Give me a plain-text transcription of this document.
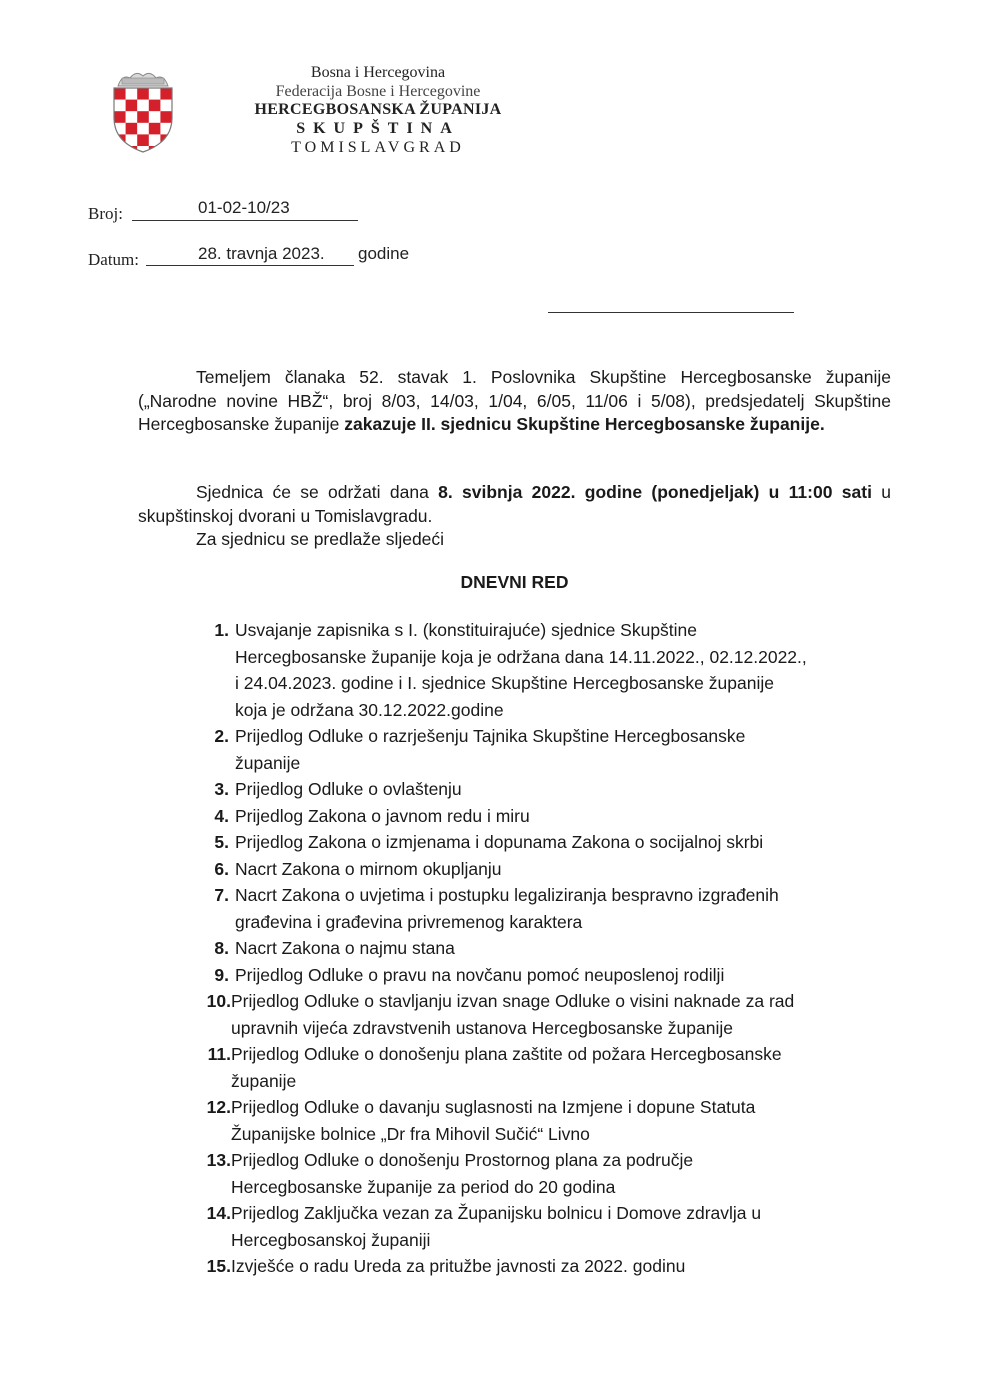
Bosna i Hercegovina
Federacija Bosne i Hercegovine
HERCEGBOSANSKA ŽUPANIJA
SKUPŠTINA
TOMISLAVGRAD
Broj:	01-02-10/23
Datum:	28. travnja 2023. godine
Temeljem članaka 52. stavak 1. Poslovnika Skupštine Hercegbosanske županije („Narodne novine HBŽ“, broj 8/03, 14/03, 1/04, 6/05, 11/06 i 5/08), predsjedatelj Skupštine Hercegbosanske županije zakazuje II. sjednicu Skupštine Hercegbosanske županije.
Sjednica će se održati dana 8. svibnja 2022. godine (ponedjeljak) u 11:00 sati u skupštinskoj dvorani u Tomislavgradu.
Za sjednicu se predlaže sljedeći
DNEVNI RED
1. Usvajanje zapisnika s I. (konstituirajuće) sjednice Skupštine
Hercegbosanske županije koja je održana dana 14.11.2022., 02.12.2022.,
i 24.04.2023. godine i I. sjednice Skupštine Hercegbosanske županije
koja je održana 30.12.2022.godine
2. Prijedlog Odluke o razrješenju Tajnika Skupštine Hercegbosanske
županije
3. Prijedlog Odluke o ovlaštenju
4. Prijedlog Zakona o javnom redu i miru
5. Prijedlog Zakona o izmjenama i dopunama Zakona o socijalnoj skrbi
6. Nacrt Zakona o mirnom okupljanju
7. Nacrt Zakona o uvjetima i postupku legaliziranja bespravno izgrađenih
građevina i građevina privremenog karaktera
8. Nacrt Zakona o najmu stana
9. Prijedlog Odluke o pravu na novčanu pomoć neuposlenoj rodilji
10. Prijedlog Odluke o stavljanju izvan snage Odluke o visini naknade za rad
upravnih vijeća zdravstvenih ustanova Hercegbosanske županije
11. Prijedlog Odluke o donošenju plana zaštite od požara Hercegbosanske
županije
12. Prijedlog Odluke o davanju suglasnosti na Izmjene i dopune Statuta
Županijske bolnice „Dr fra Mihovil Sučić“ Livno
13. Prijedlog Odluke o donošenju Prostornog plana za područje
Hercegbosanske županije za period do 20 godina
14. Prijedlog Zaključka vezan za Županijsku bolnicu i Domove zdravlja u
Hercegbosanskoj županiji
15. Izvješće o radu Ureda za pritužbe javnosti za 2022. godinu
